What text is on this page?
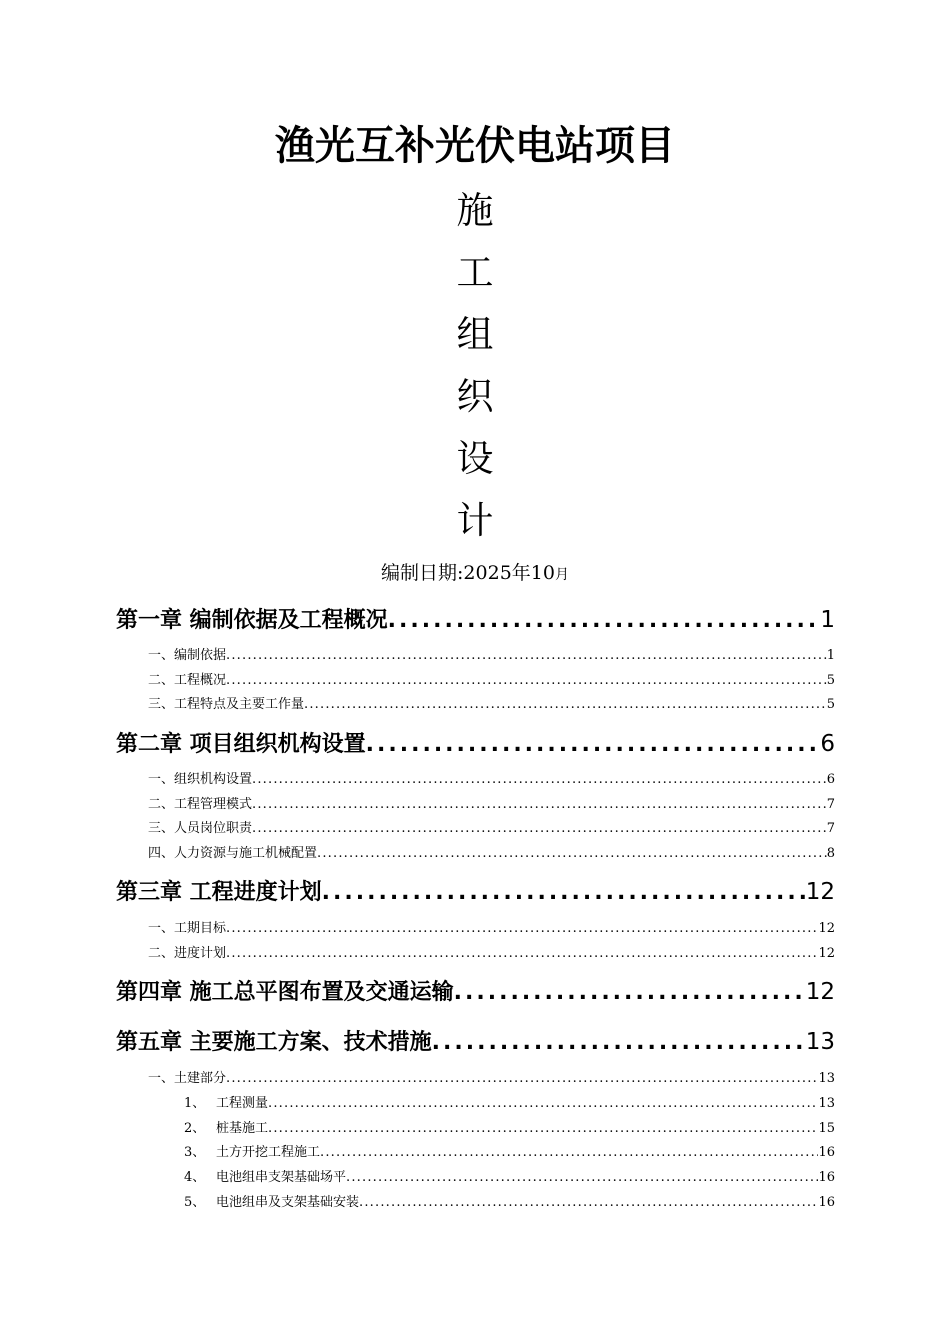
渔光互补光伏电站项目
施
工
组
织
设
计
编制日期:2025年10月
第一章 编制依据及工程概况 .....	1
一、编制依据 .....	1
二、工程概况 .....	5
三、工程特点及主要工作量 .....	5
第二章 项目组织机构设置 .....	6
一、组织机构设置 .....	6
二、工程管理模式 .....	7
三、人员岗位职责 .....	7
四、人力资源与施工机械配置 .....	8
第三章 工程进度计划 .....	12
一、工期目标 .....	12
二、进度计划 .....	12
第四章 施工总平图布置及交通运输 .....	12
第五章 主要施工方案、技术措施 .....	13
一、土建部分 .....	13
1、 工程测量 .....	13
2、 桩基施工 .....	15
3、 土方开挖工程施工 .....	16
4、 电池组串支架基础场平 .....	16
5、 电池组串及支架基础安装 .....	16
